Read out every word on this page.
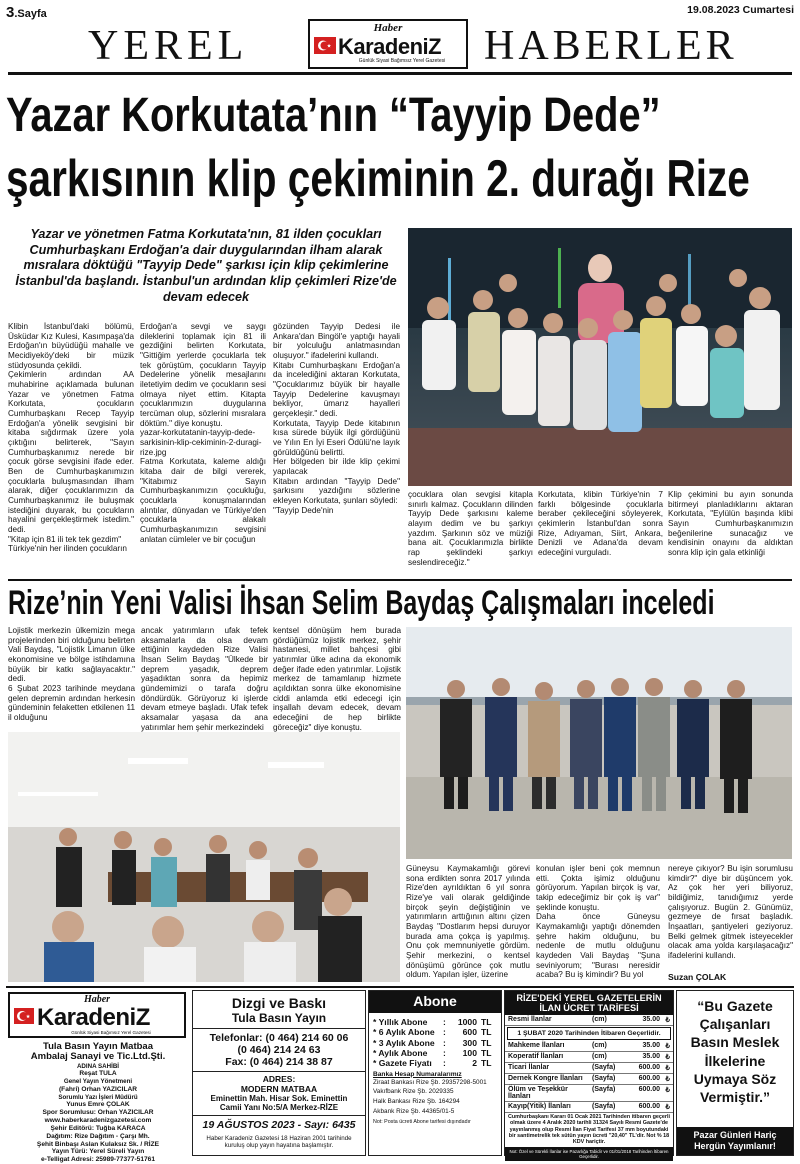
3.Sayfa	19.08.2023 Cumartesi
YEREL	HABERLER
Haber
KaradeniZ
Günlük Siyasi Bağımsız Yerel Gazetesi
Yazar Korkutata’nın “Tayyip Dede”
şarkısının klip çekiminin 2. durağı Rize
Yazar ve yönetmen Fatma Korkutata'nın, 81 ilden çocukları Cumhurbaşkanı Erdoğan'a dair duygularından ilham alarak mısralara döktüğü "Tayyip Dede" şarkısı için klip çekimlerine İstanbul'da başlandı. İstanbul'un ardından klip çekimleri Rize'de devam edecek
Klibin İstanbul'daki bölümü, Üsküdar Kız Kulesi, Kasımpaşa'da Erdoğan'ın büyüdüğü mahalle ve Mecidiyeköy'deki bir müzik stüdyosunda çekildi.
Çekimlerin ardından AA muhabirine açıklamada bulunan Yazar ve yönetmen Fatma Korkutata, çocukların Cumhurbaşkanı Recep Tayyip Erdoğan'a yönelik sevgisini bir kitaba sığdırmak üzere yola çıktığını belirterek, "Sayın Cumhurbaşkanımız nerede bir çocuk görse sevgisini ifade eder. Ben de Cumhurbaşkanımızın çocuklarla buluşmasından ilham alarak, diğer çocuklarımızın da Cumhurbaşkanımız ile buluşmak istediğini duyarak, bu çocukların hayalini gerçekleştirmek istedim." dedi.
"Kitap için 81 ili tek tek gezdim"
Türkiye'nin her ilinden çocukların
Erdoğan'a sevgi ve saygı dileklerini toplamak için 81 ili gezdiğini belirten Korkutata, "Gittiğim yerlerde çocuklarla tek tek görüştüm, çocukların Tayyip Dedelerine yönelik mesajlarını iletetiyim dedim ve çocukların sesi olmaya niyet ettim. Kitapta çocuklarımızın duygularına tercüman olup, sözlerini mısralara döktüm." diye konuştu.
yazar-korkutatanin-tayyip-dede-sarkisinin-klip-cekiminin-2-duragi-rize.jpg
Fatma Korkutata, kaleme aldığı kitaba dair de bilgi vererek, "Kitabımız Sayın Cumhurbaşkanımızın çocukluğu, çocuklarla konuşmalarından alıntılar, dünyadan ve Türkiye'den çocuklarla alakalı Cumhurbaşkanımızın sevgisini anlatan cümleler ve bir çocuğun
gözünden Tayyip Dedesi ile Ankara'dan Bingöl'e yaptığı hayali bir yolculuğu anlatmasından oluşuyor." ifadelerini kullandı.
Kitabı Cumhurbaşkanı Erdoğan'a da incelediğini aktaran Korkutata, "Çocuklarımız büyük bir hayalle Tayyip Dedelerine kavuşmayı bekliyor, ümarız hayalleri gerçekleşir." dedi.
Korkutata, Tayyip Dede kitabının kısa sürede büyük ilgi gördüğünü ve Yılın En İyi Eseri Ödülü'ne layık görüldüğünü belirtti.
Her bölgeden bir ilde klip çekimi yapılacak
Kitabın ardından "Tayyip Dede" şarkısını yazdığını sözlerine ekleyen Korkutata, şunları söyledi:
"Tayyip Dede'nin
çocuklara olan sevgisi kitapla sınırlı kalmaz. Çocukların dilinden Tayyip Dede şarkısını kaleme alayım dedim ve bu şarkıyı yazdım. Şarkının söz ve müziği bana ait. Çocuklarımızla birlikte rap şeklindeki şarkıyı seslendireceğiz."
Korkutata, klibin Türkiye'nin 7 farklı bölgesinde çocuklarla beraber çekileceğini söyleyerek, çekimlerin İstanbul'dan sonra Rize, Adıyaman, Siirt, Ankara, Denizli ve Adana'da devam edeceğini vurguladı.
Klip çekimini bu ayın sonunda bitirmeyi planladıklarını aktaran Korkutata, "Eylülün başında klibi Sayın Cumhurbaşkanımızın beğenilerine sunacağız ve kendisinin onayını da aldıktan sonra klip için gala etkinliği
Rize’nin Yeni Valisi İhsan Selim Baydaş Çalışmaları inceledi
Lojistik merkezin ülkemizin mega projelerinden biri olduğunu belirten Vali Baydaş, "Lojistik Limanın ülke ekonomisine ve bölge istihdamına büyük bir katkı sağlayacaktır." dedi.
6 Şubat 2023 tarihinde meydana gelen depremin ardından herkesin gündeminin felaketten etkilenen 11 il olduğunu
ancak yatırımların ufak tefek aksamalarla da olsa devam ettiğinin kaydeden Rize Valisi İhsan Selim Baydaş "Ülkede bir deprem yaşadık, deprem yaşadıktan sonra da hepimiz gündemimizi o tarafa doğru döndürdük. Görüyoruz ki işlerde devam etmeye başladı. Ufak tefek aksamalar yaşasa da ana yatırımlar hem şehir merkezindeki
kentsel dönüşüm hem burada gördüğümüz lojistik merkez, şehir hastanesi, millet bahçesi gibi yatırımlar ülke adına da ekonomik değer ifade eden yatırımlar. Lojistik merkez de tamamlanıp hizmete açıldıktan sonra ülke ekonomisine ciddi anlamda etki edecegi için inşallah devam edecek, devam edeceğini de hep birlikte göreceğiz" diye konuştu.
Güneysu Kaymakamlığı görevi sona erdikten sonra 2017 yılında Rize'den ayrıldıktan 6 yıl sonra Rize'ye vali olarak geldiğinde birçok şeyin değiştiğinin ve yatırımların arttığının altını çizen Baydaş "Dostlarım hepsi duruyor burada ama çokça iş yapılmış. Onu çok memnuniyetle gördüm. Şehir merkezini, o kentsel dönüşümü görünce çok mutlu oldum. Yapılan işler, üzerine
konulan işler beni çok memnun etti. Çokta işimiz olduğunu görüyorum. Yapılan birçok iş var, takip edeceğimiz bir çok iş var" şeklinde konuştu.
Daha önce Güneysu Kaymakamlığı yaptığı dönemden şehre hakim olduğunu, bu nedenle de mutlu olduğunu kaydeden Vali Baydaş "Şuna seviniyorum; "Burası neresidir acaba? Bu iş kimindir? Bu yol
nereye çıkıyor? Bu işin sorumlusu kimdir?" diye bir düşüncem yok. Az çok her yeri biliyoruz, bildiğimiz, tanıdığımız yerde çalışıyoruz. Bugün 2. Günümüz, gezmeye de fırsat başladık. İnşaatları, şantiyeleri geziyoruz. Belki gelmek gitmek isteyecekler olacak ama yolda karşılaşacağız" ifadelerini kullandı.
Suzan ÇOLAK
Haber
KaradeniZ
Günlük Siyasi Bağımsız Yerel Gazetesi
Tula Basın Yayın Matbaa
Ambalaj Sanayi ve Tic.Ltd.Şti.
ADINA SAHİBİ
Reşat TULA
Genel Yayın Yönetmeni
(Fahri) Orhan YAZICILAR
Sorumlu Yazı İşleri Müdürü
Yunus Emre ÇOLAK
Spor Sorumlusu: Orhan YAZICILAR
www.haberkaradenizgazetesi.com
Şehir Editörü: Tuğba KARACA
Dağıtım: Rize Dağıtım - Çarşı Mh.
Şehit Binbaşı Aslan Kulaksız Sk. / RİZE
Yayın Türü: Yerel Süreli Yayın
e-Telligat Adresi: 25989-77377-51761
Dizgi ve Baskı
Tula Basın Yayın
Telefonlar: (0 464) 214 60 06
(0 464) 214 24 63
Fax: (0 464) 214 38 87
ADRES:
MODERN MATBAA
Eminettin Mah. Hisar Sok. Eminettin
Camii Yanı No:5/A Merkez-RİZE
19 AĞUSTOS 2023 - Sayı: 6435
Haber Karadeniz Gazetesi 18 Haziran 2001 tarihinde kuruluş olup yayın hayatına başlamıştır.
Abone
* Yıllık Abone	:	1000 TL
* 6 Aylık Abone :	600 TL
* 3 Aylık Abone :	300 TL
* Aylık Abone	:	100 TL
* Gazete Fiyatı	:	2 TL
Banka Hesap Numaralarımız
Ziraat Bankası Rize Şb. 29357298-5001
Vakıfbank Rize Şb. 2029335
Halk Bankası Rize Şb. 164294
Akbank Rize Şb. 44365/01-5
Not: Posta ücreti Abone tarifesi dışındadır
RİZE'DEKİ YEREL GAZETELERİN
İLAN ÜCRET TARİFESİ
Resmi İlanlar	(cm)	35.00 ₺
1 ŞUBAT 2020 Tarihinden İtibaren Geçerlidir.
Mahkeme İlanları	(cm)	35.00 ₺
Koperatif İlanları	(cm)	35.00 ₺
Ticari İlanlar	(Sayfa)	600.00 ₺
Dernek Kongre İlanları	(Sayfa)	600.00 ₺
Ölüm ve Teşekkür İlanları
(Sayfa)	600.00 ₺
Kayıp(Yitik) İlanları	(Sayfa)	600.00 ₺
Cumhurbaşkanı Kararı 01 Ocak 2021 Tarihinden itibaren geçerli olmak üzere 4 Aralık 2020 tarihli 31324 Sayılı Resmi Gazete'de yayınlanmış olup Resmi İlan Fiyat Tarifesi 37 mm boyutundaki bir santimetrelik tek sütün yayın ücreti "20,40" TL'dir. Not % 18 KDV hariçtir.
Not: Özel ve Sürekli İlanlar ise Pazarlığa Tabidir ve 01/01/2018 Tarihinden İtibaren Geçerlidir.
“Bu Gazete Çalışanları Basın Meslek İlkelerine Uymaya Söz Vermiştir.”
Pazar Günleri Hariç Hergün Yayımlanır!
